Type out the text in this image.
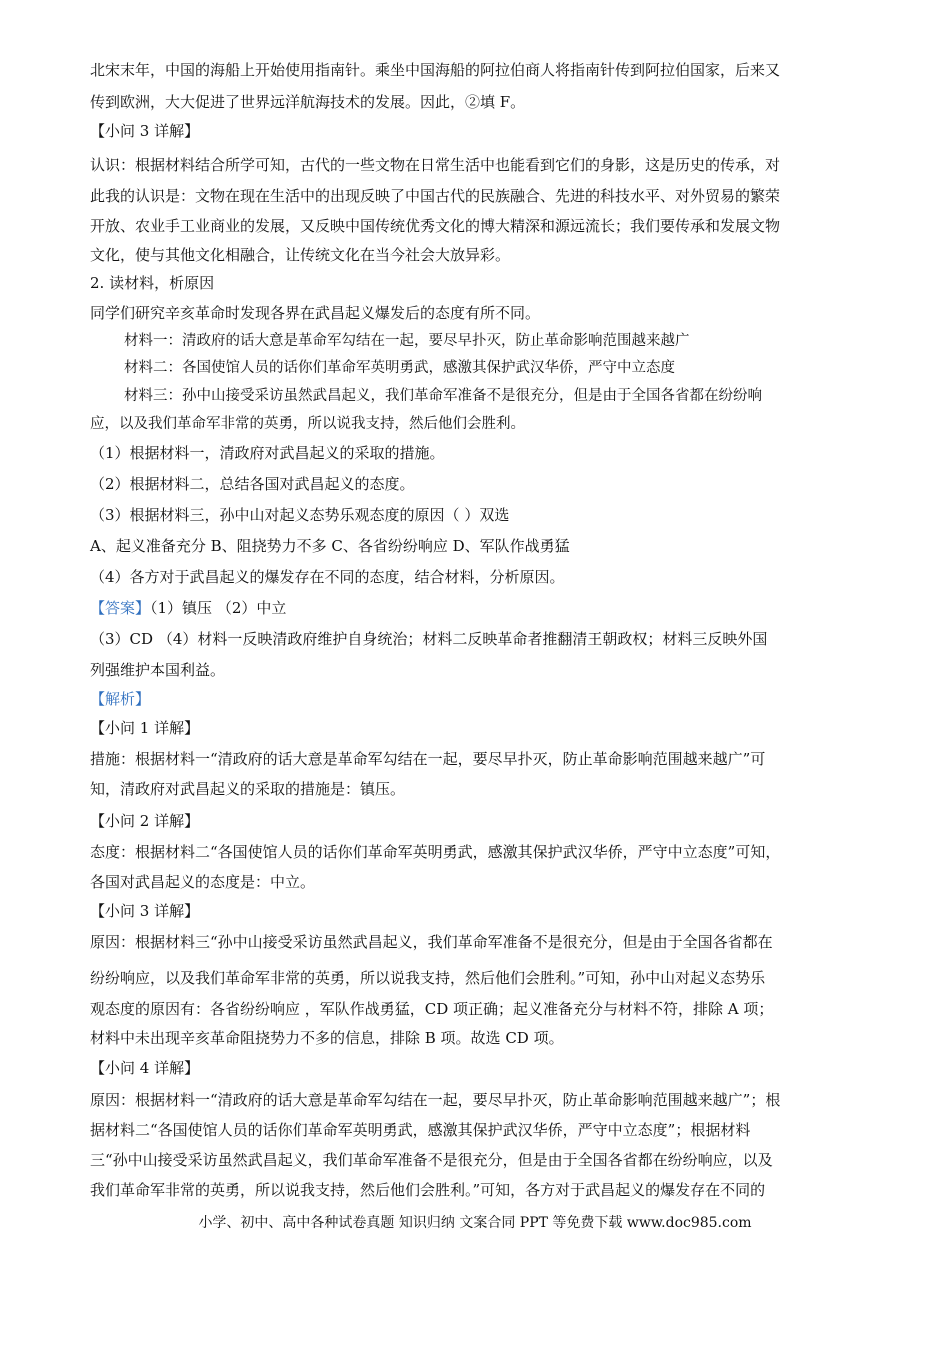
北宋末年，中国的海船上开始使用指南针。乘坐中国海船的阿拉伯商人将指南针传到阿拉伯国家，后来又
传到欧洲，大大促进了世界远洋航海技术的发展。因此，②填 F。
【小问 3 详解】
认识：根据材料结合所学可知，古代的一些文物在日常生活中也能看到它们的身影，这是历史的传承，对
此我的认识是：文物在现在生活中的出现反映了中国古代的民族融合、先进的科技水平、对外贸易的繁荣
开放、农业手工业商业的发展，又反映中国传统优秀文化的博大精深和源远流长；我们要传承和发展文物
文化，使与其他文化相融合，让传统文化在当今社会大放异彩。
2. 读材料，析原因
同学们研究辛亥革命时发现各界在武昌起义爆发后的态度有所不同。
材料一：清政府的话大意是革命军勾结在一起，要尽早扑灭，防止革命影响范围越来越广
材料二：各国使馆人员的话你们革命军英明勇武，感激其保护武汉华侨，严守中立态度
材料三：孙中山接受采访虽然武昌起义，我们革命军准备不是很充分，但是由于全国各省都在纷纷响
应，以及我们革命军非常的英勇，所以说我支持，然后他们会胜利。
（1）根据材料一，清政府对武昌起义的采取的措施。
（2）根据材料二，总结各国对武昌起义的态度。
（3）根据材料三，孙中山对起义态势乐观态度的原因（ ）双选
A、起义准备充分 B、阻挠势力不多 C、各省纷纷响应 D、军队作战勇猛
（4）各方对于武昌起义的爆发存在不同的态度，结合材料，分析原因。
【答案】（1）镇压 （2）中立
（3）CD （4）材料一反映清政府维护自身统治；材料二反映革命者推翻清王朝政权；材料三反映外国
列强维护本国利益。
【解析】
【小问 1 详解】
措施：根据材料一“清政府的话大意是革命军勾结在一起，要尽早扑灭，防止革命影响范围越来越广”可
知，清政府对武昌起义的采取的措施是：镇压。
【小问 2 详解】
态度：根据材料二“各国使馆人员的话你们革命军英明勇武，感激其保护武汉华侨，严守中立态度”可知，
各国对武昌起义的态度是：中立。
【小问 3 详解】
原因：根据材料三“孙中山接受采访虽然武昌起义，我们革命军准备不是很充分，但是由于全国各省都在
纷纷响应，以及我们革命军非常的英勇，所以说我支持，然后他们会胜利。”可知，孙中山对起义态势乐
观态度的原因有：各省纷纷响应 ，军队作战勇猛，CD 项正确；起义准备充分与材料不符，排除 A 项；
材料中未出现辛亥革命阻挠势力不多的信息，排除 B 项。故选 CD 项。
【小问 4 详解】
原因：根据材料一“清政府的话大意是革命军勾结在一起，要尽早扑灭，防止革命影响范围越来越广”；根
据材料二“各国使馆人员的话你们革命军英明勇武，感激其保护武汉华侨，严守中立态度”；根据材料
三“孙中山接受采访虽然武昌起义，我们革命军准备不是很充分，但是由于全国各省都在纷纷响应，以及
我们革命军非常的英勇，所以说我支持，然后他们会胜利。”可知，各方对于武昌起义的爆发存在不同的
小学、初中、高中各种试卷真题 知识归纳 文案合同 PPT 等免费下载 www.doc985.com
